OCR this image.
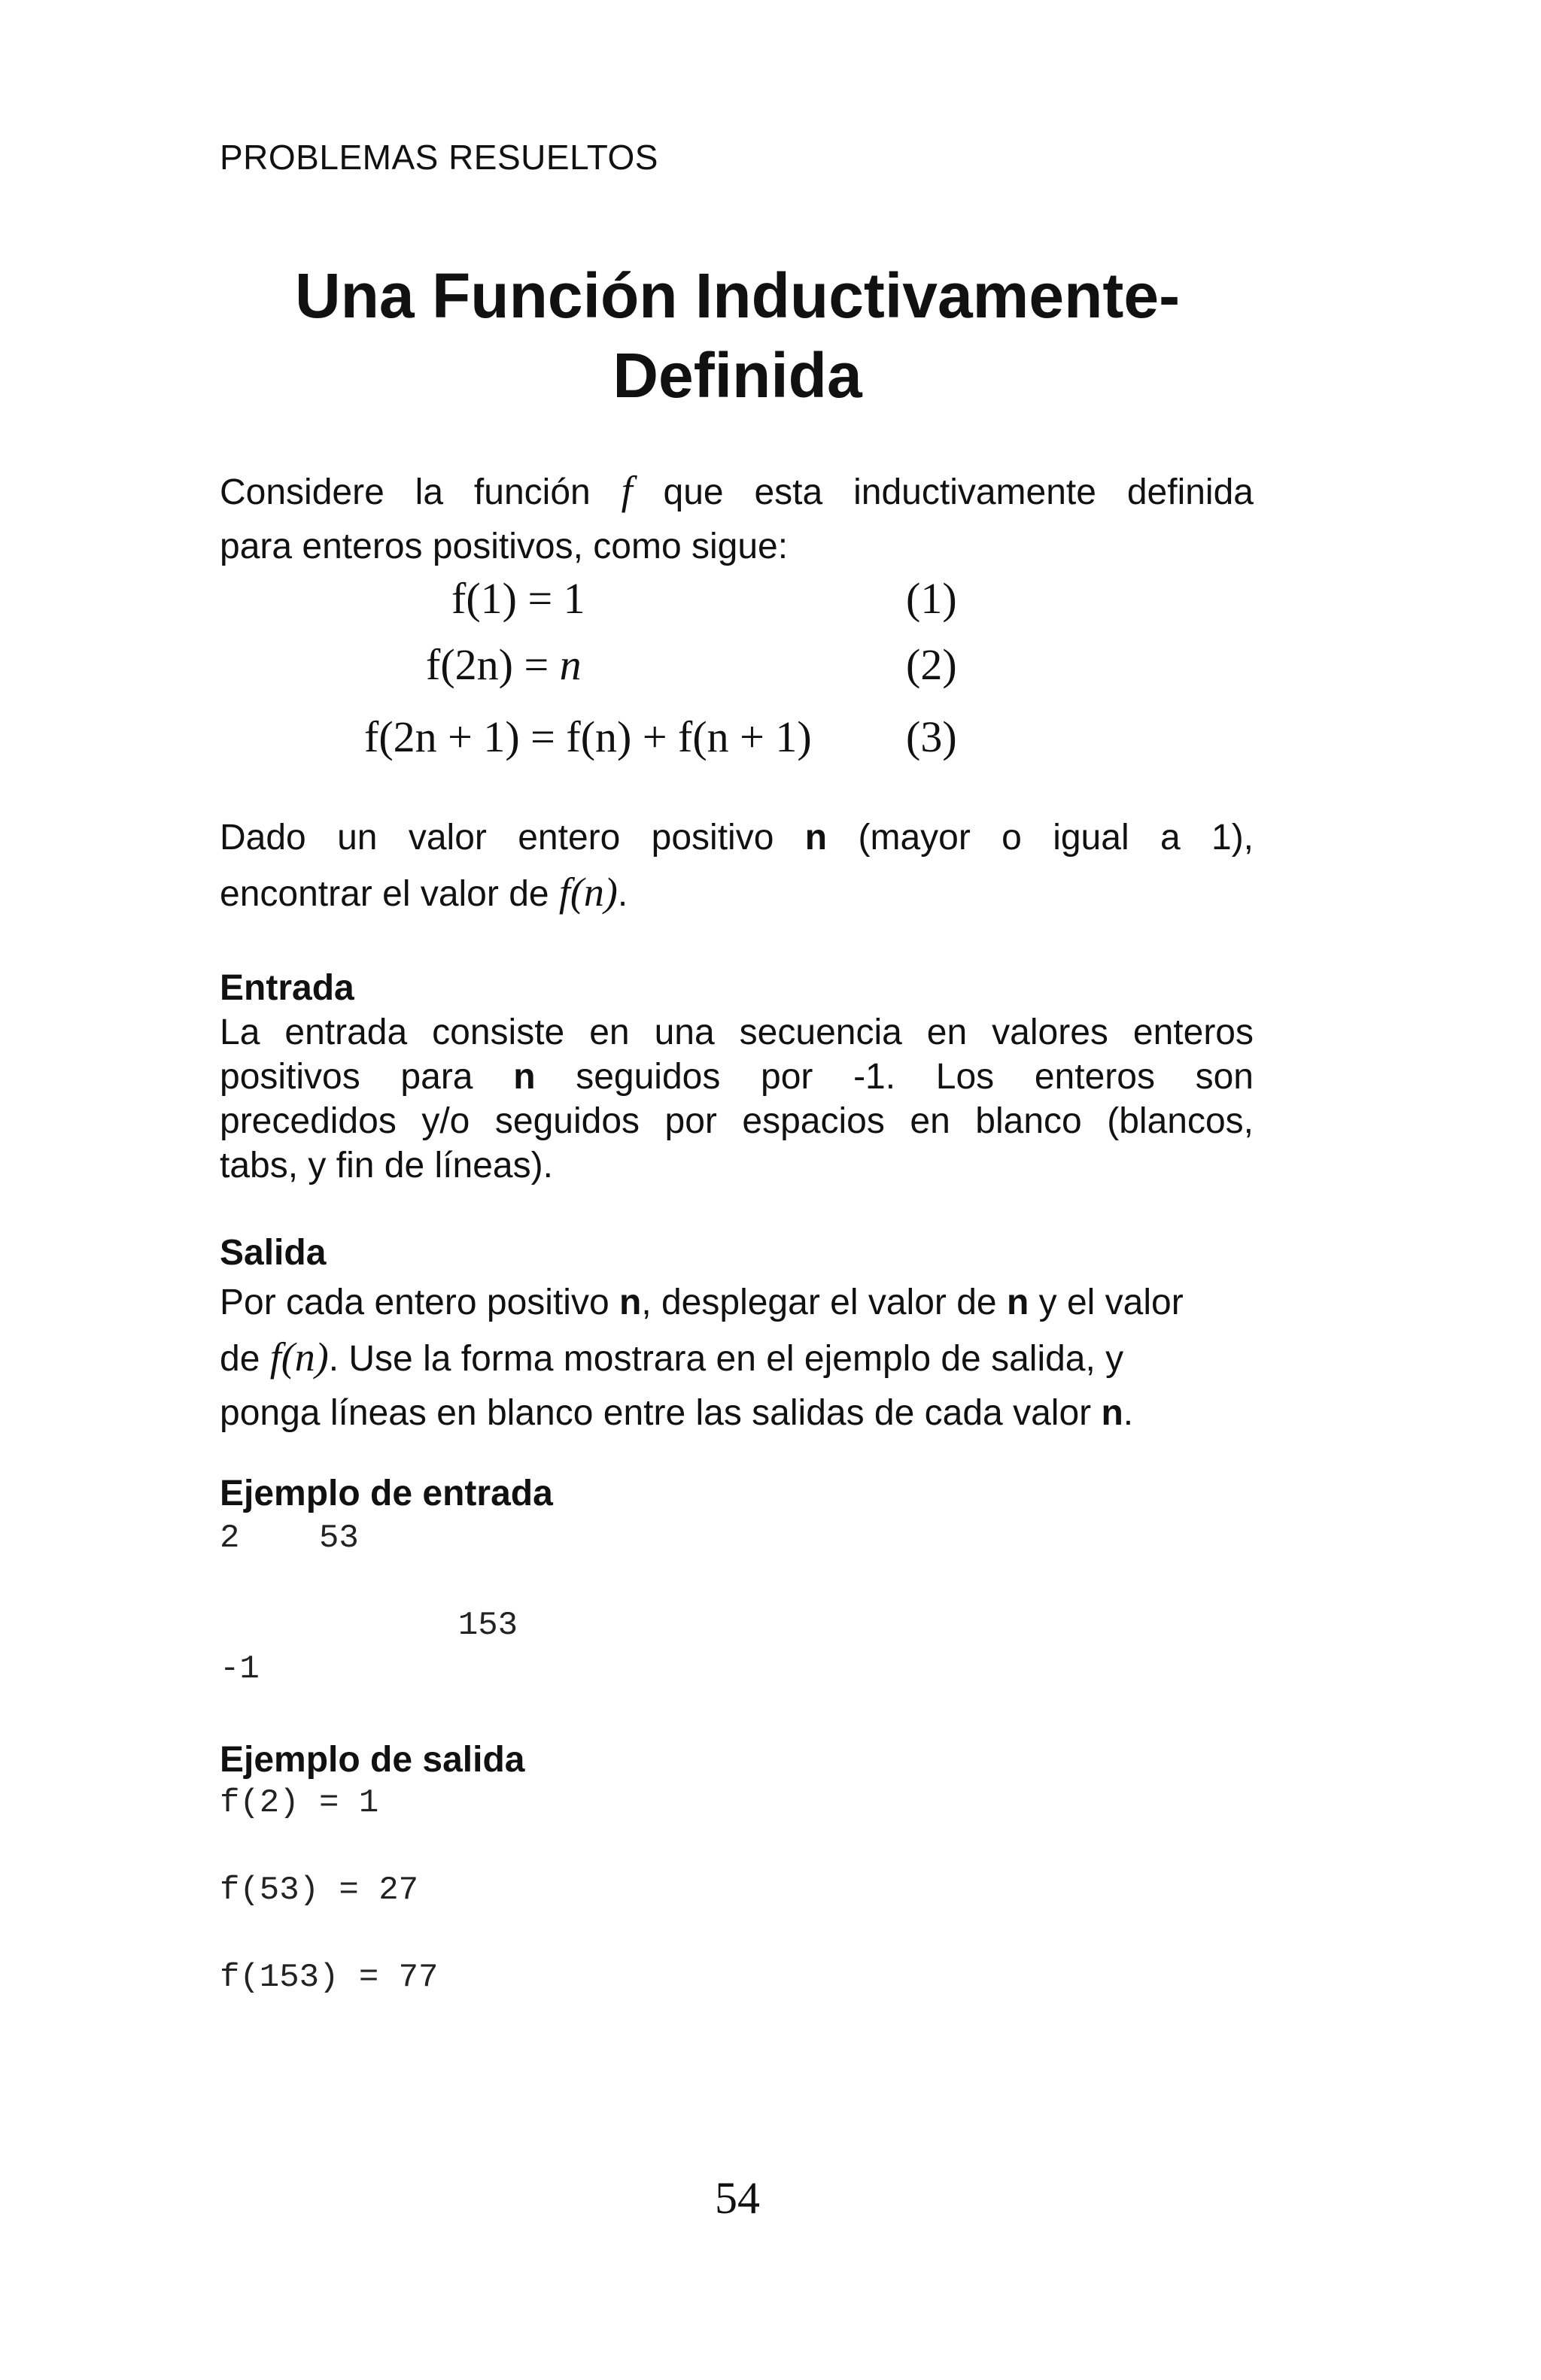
PROBLEMAS RESUELTOS
Una Función Inductivamente-
Definida
Considere la función f que esta inductivamente definida
para enteros positivos, como sigue:
f(1) = 1	(1)
f(2n) = n	(2)
f(2n + 1) = f(n) + f(n + 1) (3)
Dado un valor entero positivo n (mayor o igual a 1),
encontrar el valor de f(n).
Entrada
La entrada consiste en una secuencia en valores enteros
positivos para n seguidos por -1. Los enteros son
precedidos y/o seguidos por espacios en blanco (blancos,
tabs, y fin de líneas).
Salida
Por cada entero positivo n, desplegar el valor de n y el valor
de f(n). Use la forma mostrara en el ejemplo de salida, y
ponga líneas en blanco entre las salidas de cada valor n.
Ejemplo de entrada
2    53
153
-1
Ejemplo de salida
f(2) = 1
f(53) = 27
f(153) = 77
54
